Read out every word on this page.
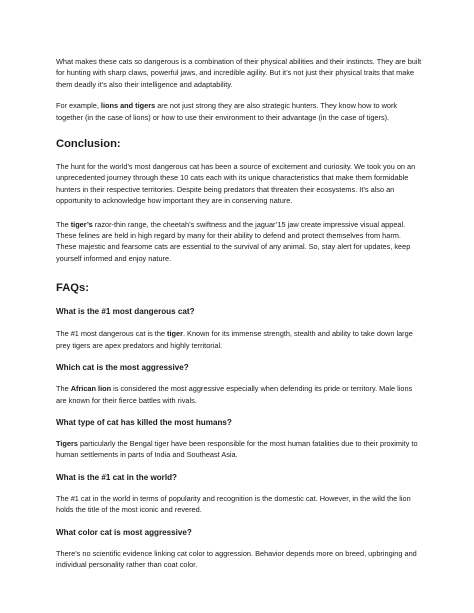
What makes these cats so dangerous is a combination of their physical abilities and their instincts. They are built for hunting with sharp claws, powerful jaws, and incredible agility. But it’s not just their physical traits that make them deadly it’s also their intelligence and adaptability.

For example, lions and tigers are not just strong they are also strategic hunters. They know how to work together (in the case of lions) or how to use their environment to their advantage (in the case of tigers).

Conclusion:

The hunt for the world’s most dangerous cat has been a source of excitement and curiosity. We took you on an unprecedented journey through these 10 cats each with its unique characteristics that make them formidable hunters in their respective territories. Despite being predators that threaten their ecosystems. It’s also an opportunity to acknowledge how important they are in conserving nature.

The tiger’s razor-thin range, the cheetah’s swiftness and the jaguar’15 jaw create impressive visual appeal. These felines are held in high regard by many for their ability to defend and protect themselves from harm. These majestic and fearsome cats are essential to the survival of any animal. So, stay alert for updates, keep yourself informed and enjoy nature.

FAQs:
What is the #1 most dangerous cat?

The #1 most dangerous cat is the tiger. Known for its immense strength, stealth and ability to take down large prey tigers are apex predators and highly territorial.

Which cat is the most aggressive?

The African lion is considered the most aggressive especially when defending its pride or territory. Male lions are known for their fierce battles with rivals.

What type of cat has killed the most humans?

Tigers particularly the Bengal tiger have been responsible for the most human fatalities due to their proximity to human settlements in parts of India and Southeast Asia.

What is the #1 cat in the world?

The #1 cat in the world in terms of popularity and recognition is the domestic cat. However, in the wild the lion holds the title of the most iconic and revered.

What color cat is most aggressive?

There’s no scientific evidence linking cat color to aggression. Behavior depends more on breed, upbringing and individual personality rather than coat color.
